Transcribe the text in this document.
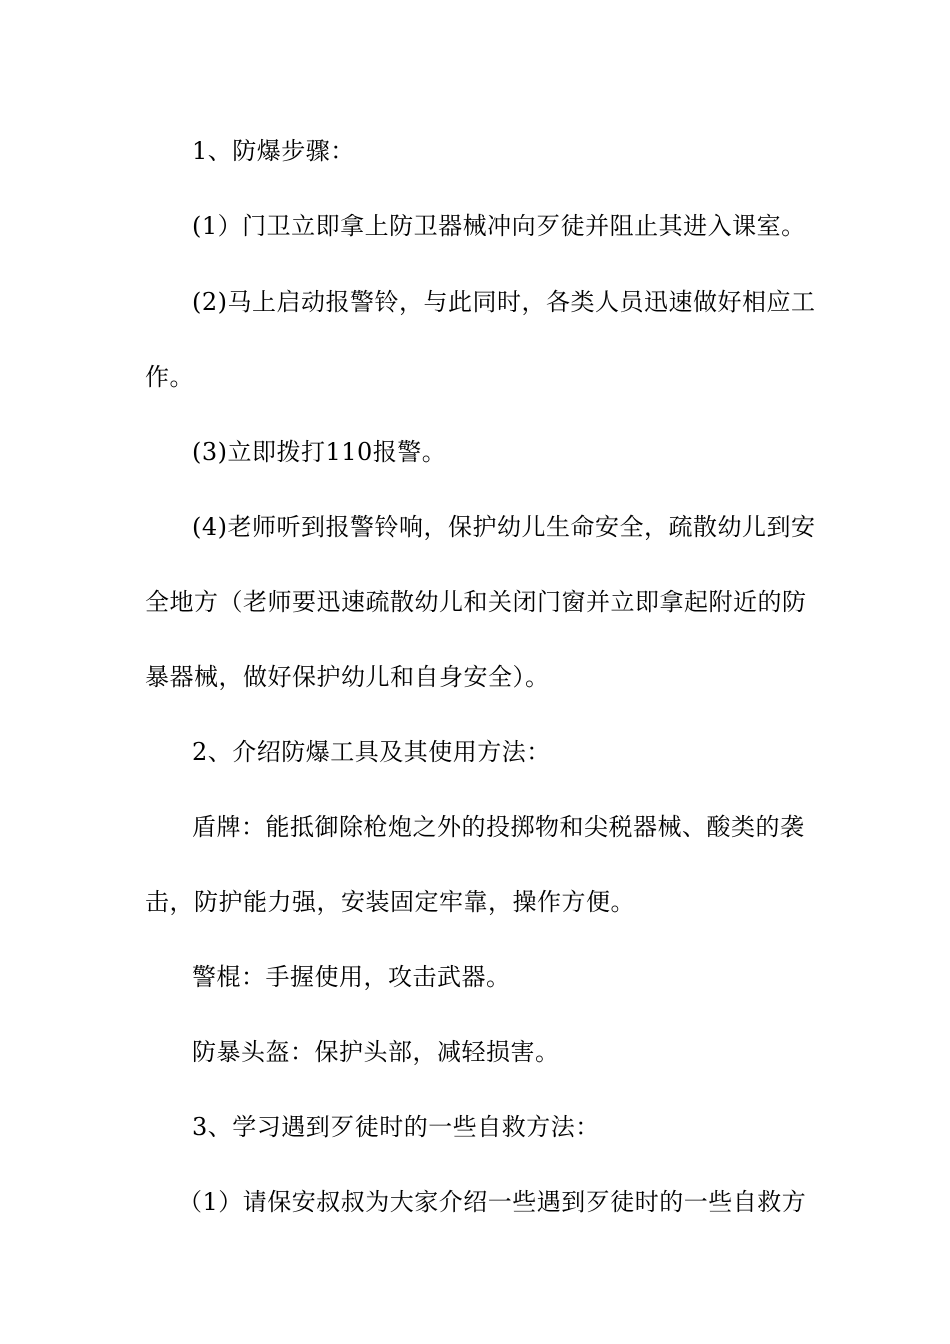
1、防爆步骤：
(1）门卫立即拿上防卫器械冲向歹徒并阻止其进入课室。
(2)马上启动报警铃，与此同时，各类人员迅速做好相应工
作。
(3)立即拨打110报警。
(4)老师听到报警铃响，保护幼儿生命安全，疏散幼儿到安
全地方（老师要迅速疏散幼儿和关闭门窗并立即拿起附近的防
暴器械，做好保护幼儿和自身安全）。
2、介绍防爆工具及其使用方法：
盾牌：能抵御除枪炮之外的投掷物和尖税器械、酸类的袭
击，防护能力强，安装固定牢靠，操作方便。
警棍：手握使用，攻击武器。
防暴头盔：保护头部，减轻损害。
3、学习遇到歹徒时的一些自救方法：
（1）请保安叔叔为大家介绍一些遇到歹徒时的一些自救方
